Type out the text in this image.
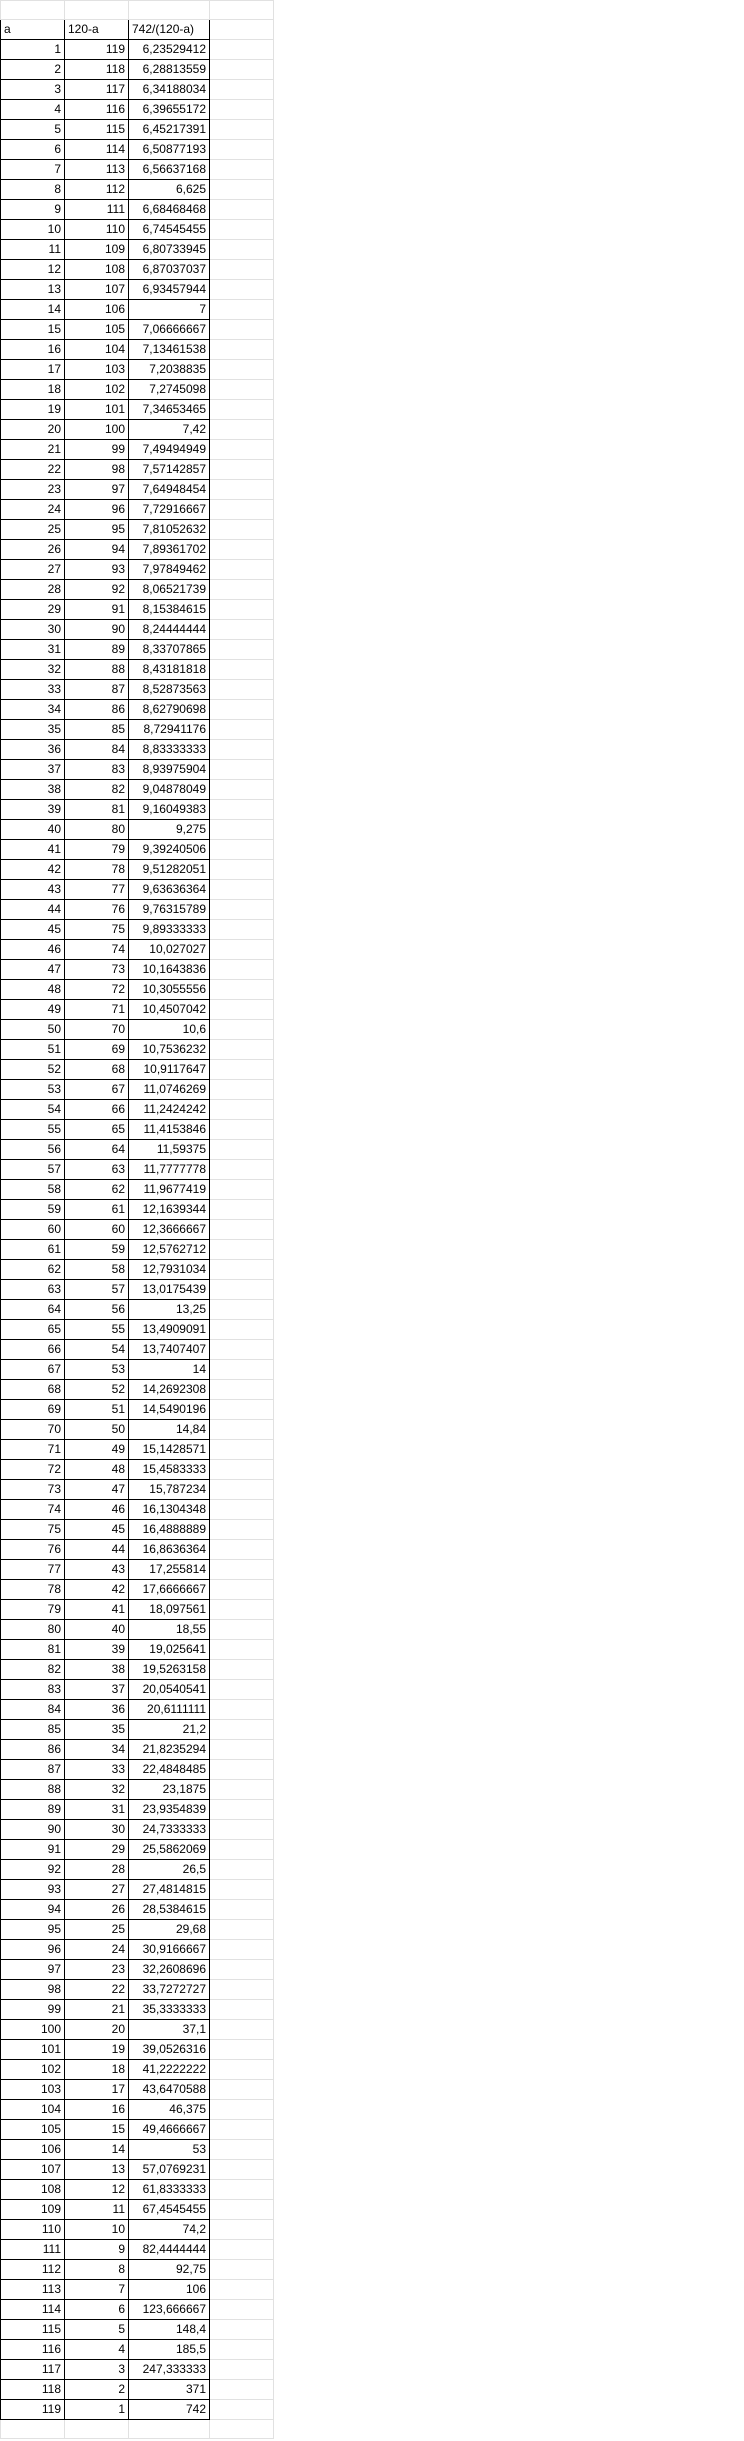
a	120-a	742/(120-a)	
1	119	6,23529412	
2	118	6,28813559	
3	117	6,34188034	
4	116	6,39655172	
5	115	6,45217391	
6	114	6,50877193	
7	113	6,56637168	
8	112	6,625	
9	111	6,68468468	
10	110	6,74545455	
11	109	6,80733945	
12	108	6,87037037	
13	107	6,93457944	
14	106	7	
15	105	7,06666667	
16	104	7,13461538	
17	103	7,2038835	
18	102	7,2745098	
19	101	7,34653465	
20	100	7,42	
21	99	7,49494949	
22	98	7,57142857	
23	97	7,64948454	
24	96	7,72916667	
25	95	7,81052632	
26	94	7,89361702	
27	93	7,97849462	
28	92	8,06521739	
29	91	8,15384615	
30	90	8,24444444	
31	89	8,33707865	
32	88	8,43181818	
33	87	8,52873563	
34	86	8,62790698	
35	85	8,72941176	
36	84	8,83333333	
37	83	8,93975904	
38	82	9,04878049	
39	81	9,16049383	
40	80	9,275	
41	79	9,39240506	
42	78	9,51282051	
43	77	9,63636364	
44	76	9,76315789	
45	75	9,89333333	
46	74	10,027027	
47	73	10,1643836	
48	72	10,3055556	
49	71	10,4507042	
50	70	10,6	
51	69	10,7536232	
52	68	10,9117647	
53	67	11,0746269	
54	66	11,2424242	
55	65	11,4153846	
56	64	11,59375	
57	63	11,7777778	
58	62	11,9677419	
59	61	12,1639344	
60	60	12,3666667	
61	59	12,5762712	
62	58	12,7931034	
63	57	13,0175439	
64	56	13,25	
65	55	13,4909091	
66	54	13,7407407	
67	53	14	
68	52	14,2692308	
69	51	14,5490196	
70	50	14,84	
71	49	15,1428571	
72	48	15,4583333	
73	47	15,787234	
74	46	16,1304348	
75	45	16,4888889	
76	44	16,8636364	
77	43	17,255814	
78	42	17,6666667	
79	41	18,097561	
80	40	18,55	
81	39	19,025641	
82	38	19,5263158	
83	37	20,0540541	
84	36	20,6111111	
85	35	21,2	
86	34	21,8235294	
87	33	22,4848485	
88	32	23,1875	
89	31	23,9354839	
90	30	24,7333333	
91	29	25,5862069	
92	28	26,5	
93	27	27,4814815	
94	26	28,5384615	
95	25	29,68	
96	24	30,9166667	
97	23	32,2608696	
98	22	33,7272727	
99	21	35,3333333	
100	20	37,1	
101	19	39,0526316	
102	18	41,2222222	
103	17	43,6470588	
104	16	46,375	
105	15	49,4666667	
106	14	53	
107	13	57,0769231	
108	12	61,8333333	
109	11	67,4545455	
110	10	74,2	
111	9	82,4444444	
112	8	92,75	
113	7	106	
114	6	123,666667	
115	5	148,4	
116	4	185,5	
117	3	247,333333	
118	2	371	
119	1	742	
